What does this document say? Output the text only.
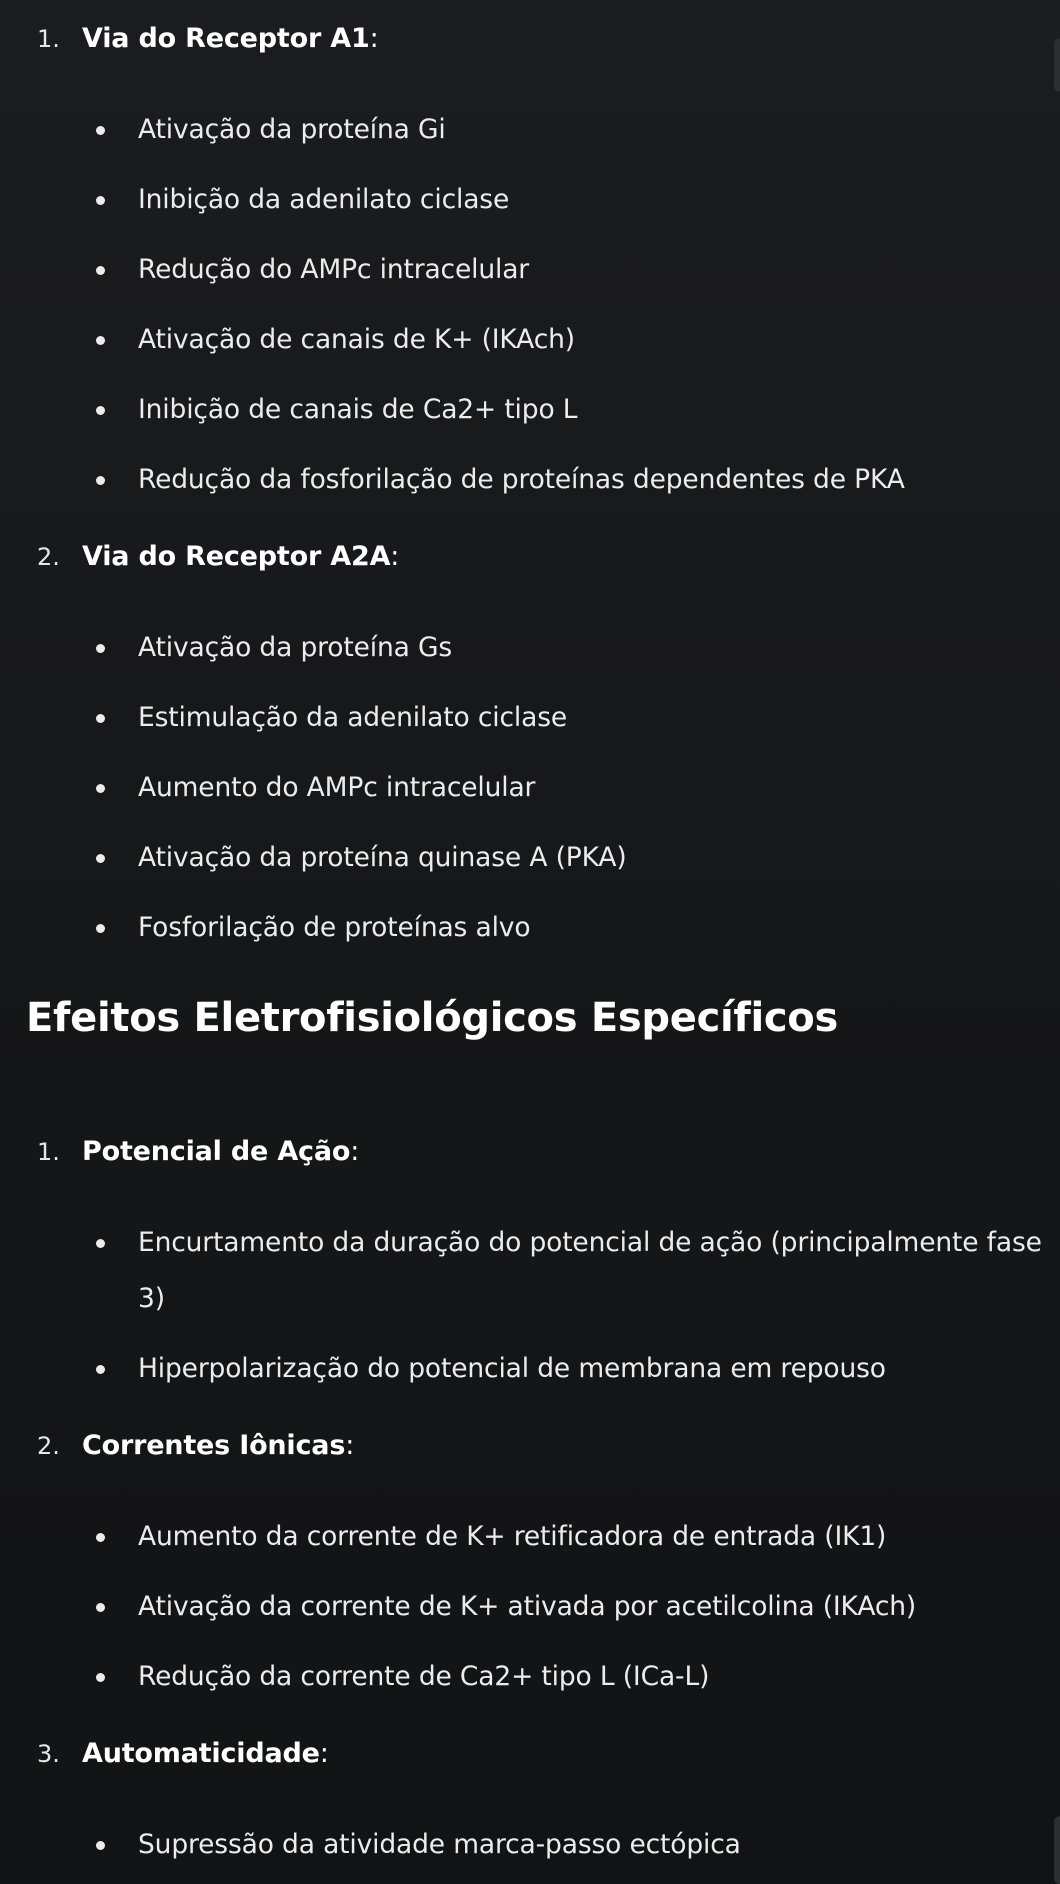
1. Via do Receptor A1:
Ativação da proteína Gi
Inibição da adenilato ciclase
Redução do AMPc intracelular
Ativação de canais de K+ (IKAch)
Inibição de canais de Ca2+ tipo L
Redução da fosforilação de proteínas dependentes de PKA
2. Via do Receptor A2A:
Ativação da proteína Gs
Estimulação da adenilato ciclase
Aumento do AMPc intracelular
Ativação da proteína quinase A (PKA)
Fosforilação de proteínas alvo
Efeitos Eletrofisiológicos Específicos
1. Potencial de Ação:
Encurtamento da duração do potencial de ação (principalmente fase 3)
Hiperpolarização do potencial de membrana em repouso
2. Correntes Iônicas:
Aumento da corrente de K+ retificadora de entrada (IK1)
Ativação da corrente de K+ ativada por acetilcolina (IKAch)
Redução da corrente de Ca2+ tipo L (ICa-L)
3. Automaticidade:
Supressão da atividade marca-passo ectópica
